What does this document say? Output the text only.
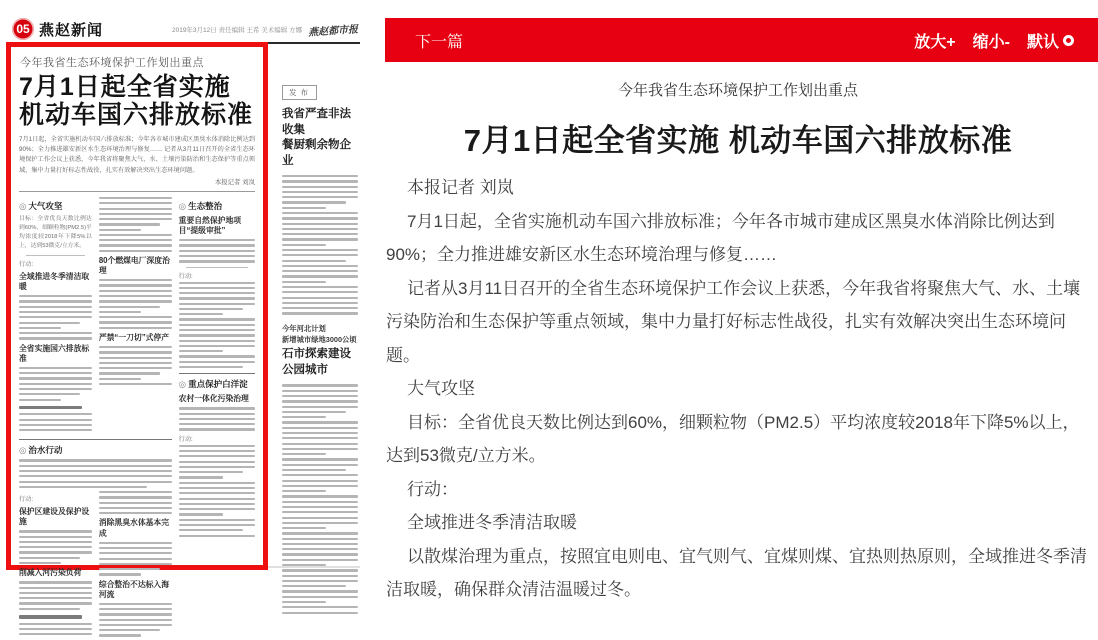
05 燕赵新闻	2019年3月12日 责任编辑 王希 美术编辑 方娜 燕赵都市报
今年我省生态环境保护工作划出重点
7月1日起全省实施
机动车国六排放标准
7月1日起，全省实施机动车国六排放标准；今年各市城市建成区黑臭水体消除比例达到90%；全力推进雄安新区水生态环境治理与修复…… 记者从3月11日召开的全省生态环境保护工作会议上获悉，今年我省将聚焦大气、水、土壤污染防治和生态保护等重点领域，集中力量打好标志性战役，扎实有效解决突出生态环境问题。
本报记者 刘岚
◎ 大气攻坚
目标：全省优良天数比例达到60%，细颗粒物(PM2.5)平均浓度较2018年下降5%以上，达到53微克/立方米。
行动:
全域推进冬季清洁取暖
全省实施国六排放标准
80个燃煤电厂深度治理
严禁“一刀切”式停产
◎ 治水行动
行动:
保护区建设及保护设施
削减入河污染负荷
消除黑臭水体基本完成
综合整治不达标入海河流
◎ 生态整治
重要自然保护地项目“提级审批”
行动:
◎ 重点保护白洋淀
农村一体化污染治理
行动:
发布
我省严查非法收集
餐厨剩余物企业
今年河北计划
新增城市绿地3000公顷
石市探索建设公园城市
下一篇	放大+ 缩小- 默认
今年我省生态环境保护工作划出重点
7月1日起全省实施 机动车国六排放标准

本报记者 刘岚

7月1日起，全省实施机动车国六排放标准；今年各市城市建成区黑臭水体消除比例达到90%；全力推进雄安新区水生态环境治理与修复……

记者从3月11日召开的全省生态环境保护工作会议上获悉，今年我省将聚焦大气、水、土壤污染防治和生态保护等重点领域，集中力量打好标志性战役，扎实有效解决突出生态环境问题。

大气攻坚

目标：全省优良天数比例达到60%，细颗粒物（PM2.5）平均浓度较2018年下降5%以上，达到53微克/立方米。

行动：

全域推进冬季清洁取暖

以散煤治理为重点，按照宜电则电、宜气则气、宜煤则煤、宜热则热原则，全域推进冬季清洁取暖，确保群众清洁温暖过冬。
